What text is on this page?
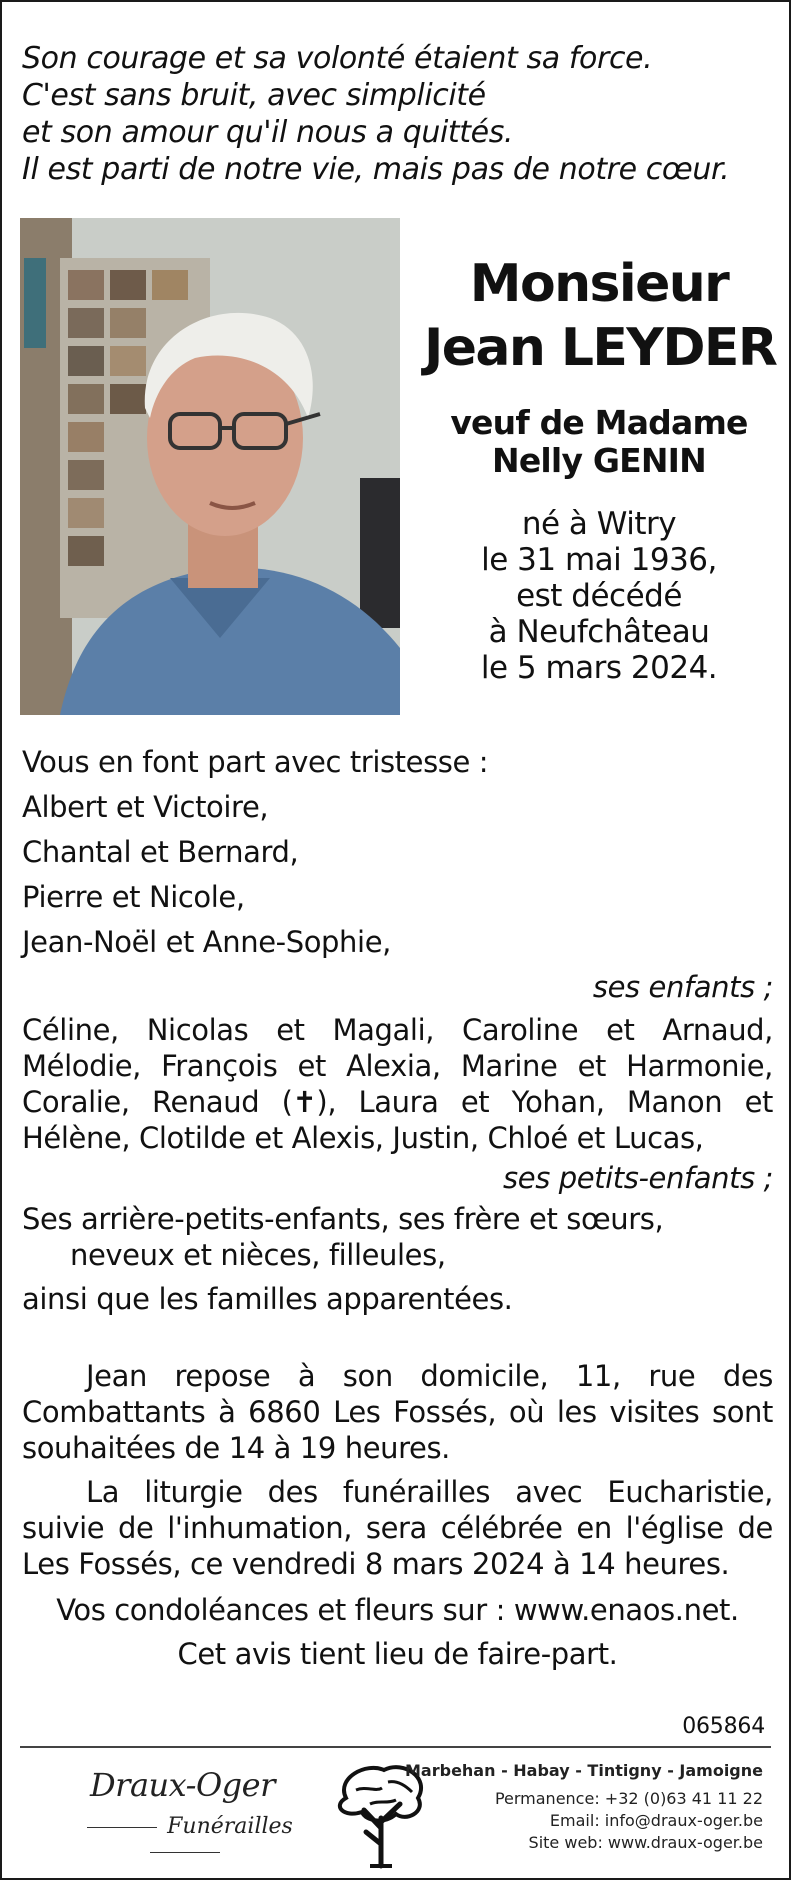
Son courage et sa volonté étaient sa force.
C'est sans bruit, avec simplicité
et son amour qu'il nous a quittés.
Il est parti de notre vie, mais pas de notre cœur.
Monsieur
Jean LEYDER
veuf de Madame
Nelly GENIN
né à Witry
le 31 mai 1936,
est décédé
à Neufchâteau
le 5 mars 2024.
Vous en font part avec tristesse :
Albert et Victoire,
Chantal et Bernard,
Pierre et Nicole,
Jean-Noël et Anne-Sophie,
ses enfants ;
Céline, Nicolas et Magali, Caroline et Arnaud,
Mélodie, François et Alexia, Marine et Harmonie,
Coralie, Renaud (✝), Laura et Yohan, Manon et
Hélène, Clotilde et Alexis, Justin, Chloé et Lucas,
ses petits-enfants ;
Ses arrière-petits-enfants, ses frère et sœurs,
neveux et nièces, filleules,
ainsi que les familles apparentées.
Jean repose à son domicile, 11, rue des Combattants à 6860 Les Fossés, où les visites sont souhaitées de 14 à 19 heures.
La liturgie des funérailles avec Eucharistie, suivie de l'inhumation, sera célébrée en l'église de Les Fossés, ce vendredi 8 mars 2024 à 14 heures.
Vos condoléances et fleurs sur : www.enaos.net.
Cet avis tient lieu de faire-part.
065864
Draux-Oger
Funérailles
Marbehan - Habay - Tintigny - Jamoigne
Permanence: +32 (0)63 41 11 22
Email: info@draux-oger.be
Site web: www.draux-oger.be
